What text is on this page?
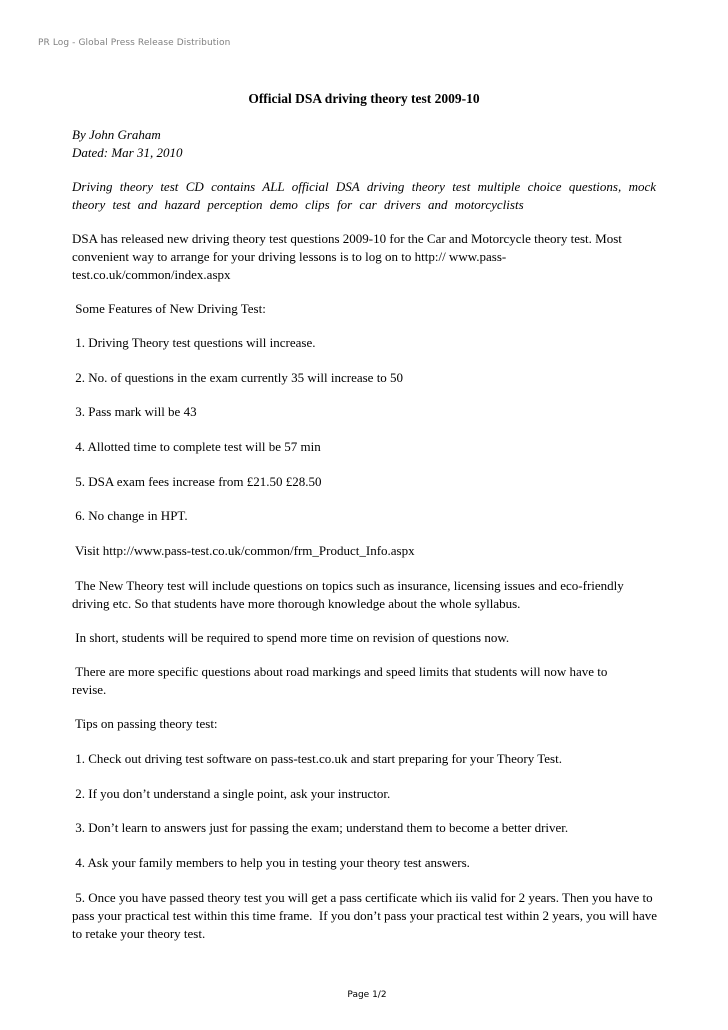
PR Log - Global Press Release Distribution
Official DSA driving theory test 2009-10
By John Graham
Dated: Mar 31, 2010
Driving theory test CD contains ALL official DSA driving theory test multiple choice questions, mock theory test and hazard perception demo clips for car drivers and motorcyclists
DSA has released new driving theory test questions 2009-10 for the Car and Motorcycle theory test. Most convenient way to arrange for your driving lessons is to log on to http:// www.pass-test.co.uk/common/index.aspx
Some Features of New Driving Test:
1. Driving Theory test questions will increase.
2. No. of questions in the exam currently 35 will increase to 50
3. Pass mark will be 43
4. Allotted time to complete test will be 57 min
5. DSA exam fees increase from £21.50 £28.50
6. No change in HPT.
Visit http://www.pass-test.co.uk/common/frm_Product_Info.aspx
The New Theory test will include questions on topics such as insurance, licensing issues and eco-friendly driving etc. So that students have more thorough knowledge about the whole syllabus.
In short, students will be required to spend more time on revision of questions now.
There are more specific questions about road markings and speed limits that students will now have to revise.
Tips on passing theory test:
1. Check out driving test software on pass-test.co.uk and start preparing for your Theory Test.
2. If you don’t understand a single point, ask your instructor.
3. Don’t learn to answers just for passing the exam; understand them to become a better driver.
4. Ask your family members to help you in testing your theory test answers.
5. Once you have passed theory test you will get a pass certificate which iis valid for 2 years. Then you have to pass your practical test within this time frame.  If you don’t pass your practical test within 2 years, you will have to retake your theory test.
Page 1/2
